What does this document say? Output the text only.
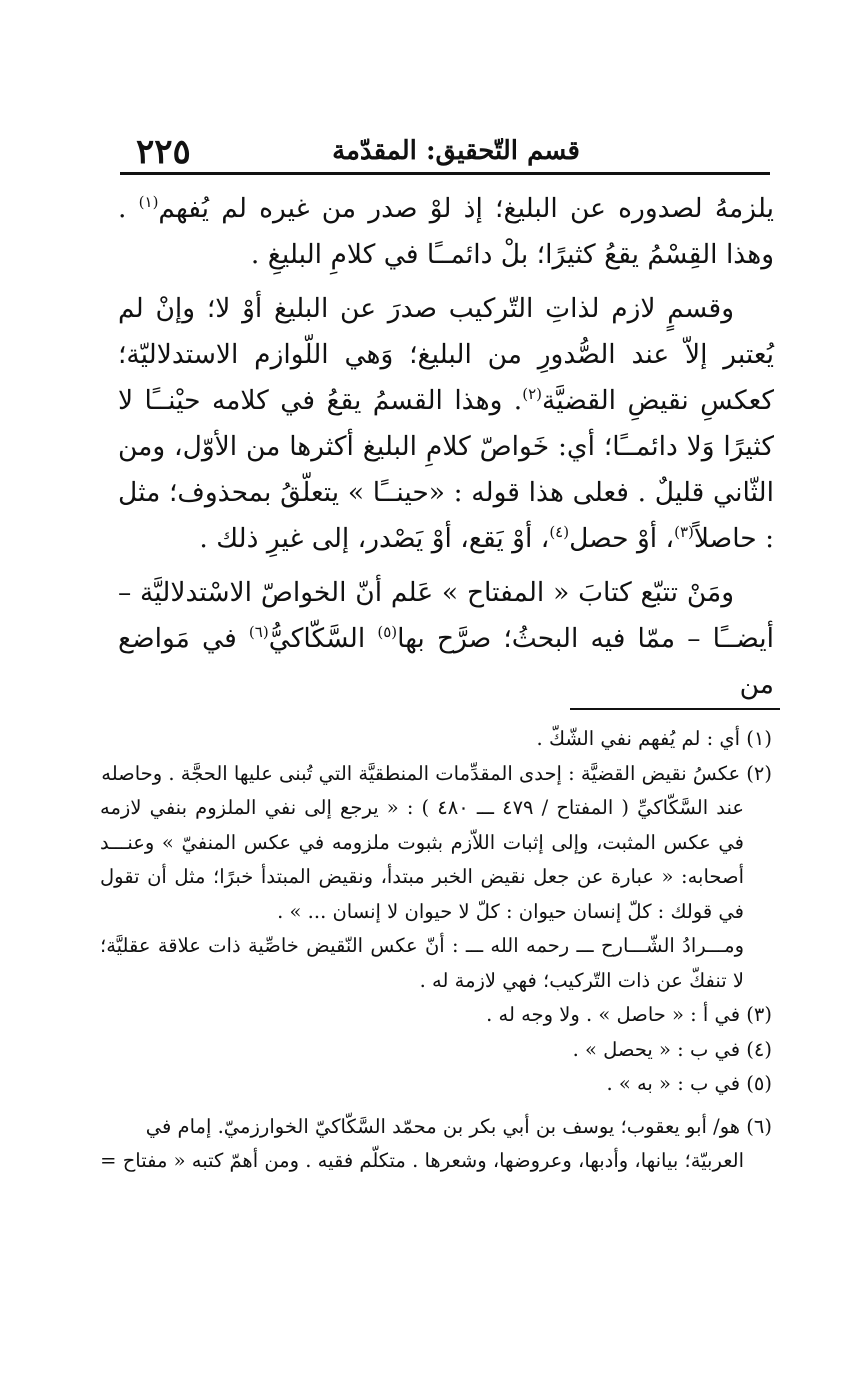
٢٢٥	قسم التّحقيق: المقدّمة

يلزمهُ لصدوره عن البليغ؛ إذ لوْ صدر من غيره لم يُفهم$^{(١)}$ . وهذا القِسْمُ يقعُ كثيرًا؛ بلْ دائمــًا في كلامِ البليغِ .

وقسمٍ لازم لذاتِ التّركيب صدرَ عن البليغ أوْ لا؛ وإنْ لم يُعتبر إلاّ عند الصُّدورِ من البليغ؛ وَهي اللّوازم الاستدلاليّة؛ كعكسِ نقيضِ القضيَّة$^{(٢)}$. وهذا القسمُ يقعُ في كلامه حيْنــًا لا كثيرًا وَلا دائمــًا؛ أي: خَواصّ كلامِ البليغ أكثرها من الأوّل، ومن الثّاني قليلٌ . فعلى هذا قوله : «حينــًا » يتعلّقُ بمحذوف؛ مثل : حاصلاً$^{(٣)}$، أوْ حصل$^{(٤)}$، أوْ يَقع، أوْ يَصْدر، إلى غيرِ ذلك .

ومَنْ تتبّع كتابَ « المفتاح » عَلم أنّ الخواصّ الاسْتدلاليَّة – أيضــًا – ممّا فيه البحثُ؛ صرَّح بها$^{(٥)}$ السَّكّاكيُّ$^{(٦)}$ في مَواضع من

(١) أي : لم يُفهم نفي الشّكّ .

(٢) عكسُ نقيض القضيَّة : إحدى المقدِّمات المنطقيَّة التي تُبنى عليها الحجَّة . وحاصله
عند السَّكّاكيِّ ( المفتاح / ٤٧٩ ـــ ٤٨٠ ) : « يرجع إلى نفي الملزوم بنفي لازمه في عكس المثبت، وإلى إثبات اللاّزم بثبوت ملزومه في عكس المنفيّ » وعنـــد أصحابه: « عبارة عن جعل نقيض الخبر مبتدأ، ونقيض المبتدأ خبرًا؛ مثل أن تقول في قولك : كلّ إنسان حيوان : كلّ لا حيوان لا إنسان ... » .
ومـــرادُ الشّـــارح ـــ رحمه الله ـــ : أنّ عكس النّقيض خاصِّية ذات علاقة عقليَّة؛ لا تنفكّ عن ذات التّركيب؛ فهي لازمة له .

(٣) في أ : « حاصل » . ولا وجه له .

(٤) في ب : « يحصل » .

(٥) في ب : « به » .

(٦) هو/ أبو يعقوب؛ يوسف بن أبي بكر بن محمّد السَّكّاكيّ الخوارزميّ. إمام في
العربيّة؛ بيانها، وأدبها، وعروضها، وشعرها . متكلّم فقيه . ومن أهمّ كتبه « مفتاح =
